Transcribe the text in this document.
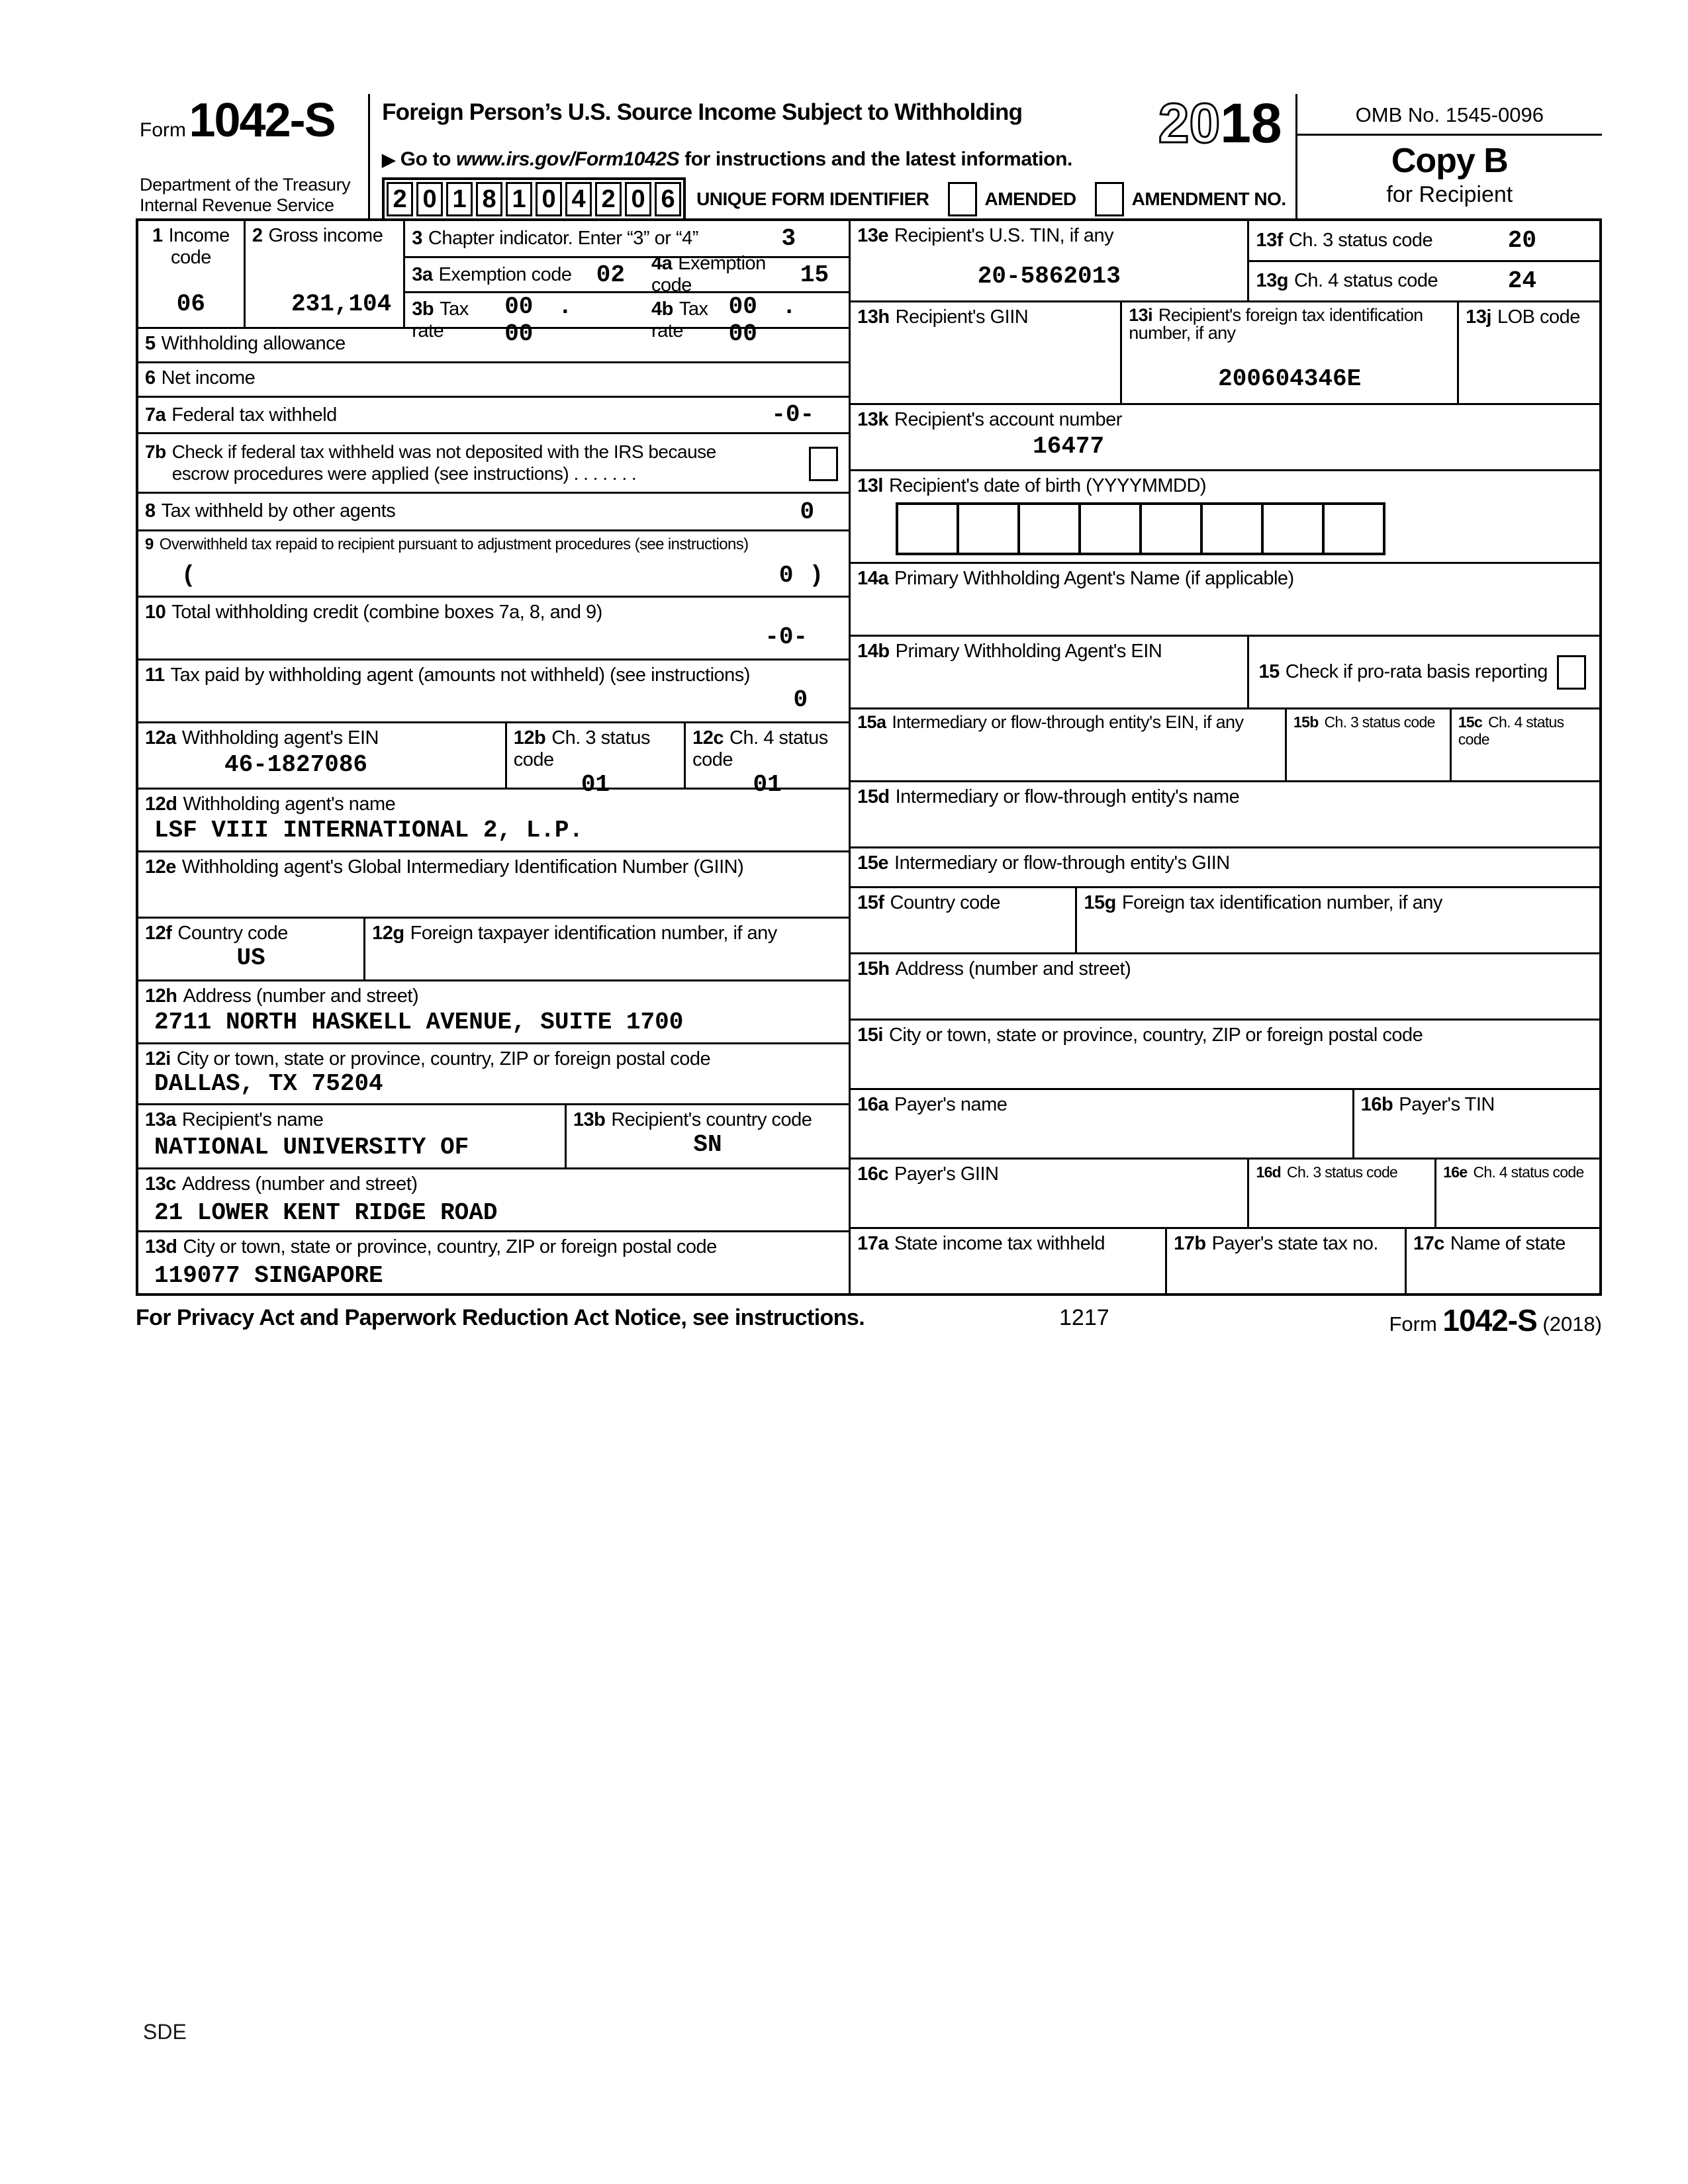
Form 1042-S
Department of the Treasury
Internal Revenue Service
Foreign Person’s U.S. Source Income Subject to Withholding 2018
▶ Go to www.irs.gov/Form1042S for instructions and the latest information.
2 0 1 8 1 0 4 2 0 6	UNIQUE FORM IDENTIFIER	AMENDED	AMENDMENT NO.
OMB No. 1545-0096
Copy B
for Recipient
1 Income code
06
2 Gross income
231,104
3 Chapter indicator. Enter “3” or “4”	3
3a Exemption code 02 4a Exemption code	15
3b Tax rate
00 . 00
4b Tax rate
00 . 00
5 Withholding allowance
6 Net income
7a Federal tax withheld	-0-
7b Check if federal tax withheld was not deposited with the IRS because
escrow procedures were applied (see instructions) . . . . . . .
8 Tax withheld by other agents	0
9 Overwithheld tax repaid to recipient pursuant to adjustment procedures (see instructions)
(	0 )
10 Total withholding credit (combine boxes 7a, 8, and 9)
-0-
11 Tax paid by withholding agent (amounts not withheld) (see instructions)
0
12a Withholding agent's EIN
46-1827086
12b Ch. 3 status code
01
12c Ch. 4 status code
01
12d Withholding agent's name
LSF VIII INTERNATIONAL 2, L.P.
12e Withholding agent's Global Intermediary Identification Number (GIIN)
12f Country code
US
12g Foreign taxpayer identification number, if any
12h Address (number and street)
2711 NORTH HASKELL AVENUE, SUITE 1700
12i City or town, state or province, country, ZIP or foreign postal code
DALLAS, TX 75204
13a Recipient's name
NATIONAL UNIVERSITY OF
13b Recipient's country code
SN
13c Address (number and street)
21 LOWER KENT RIDGE ROAD
13d City or town, state or province, country, ZIP or foreign postal code
119077 SINGAPORE
13e Recipient's U.S. TIN, if any
20-5862013
13f Ch. 3 status code	20
13g Ch. 4 status code	24
13h Recipient's GIIN	13i Recipient's foreign tax identification number, if any
200604346E
13j LOB code
13k Recipient's account number
16477
13l Recipient's date of birth (YYYYMMDD)
14a Primary Withholding Agent's Name (if applicable)
14b Primary Withholding Agent's EIN
15 Check if pro-rata basis reporting
15a Intermediary or flow-through entity's EIN, if any	15b Ch. 3 status code	15c Ch. 4 status code
15d Intermediary or flow-through entity's name
15e Intermediary or flow-through entity's GIIN
15f Country code	15g Foreign tax identification number, if any
15h Address (number and street)
15i City or town, state or province, country, ZIP or foreign postal code
16a Payer's name	16b Payer's TIN
16c Payer's GIIN	16d Ch. 3 status code	16e Ch. 4 status code
17a State income tax withheld	17b Payer's state tax no.	17c Name of state
For Privacy Act and Paperwork Reduction Act Notice, see instructions.	1217	Form 1042-S (2018)
SDE
